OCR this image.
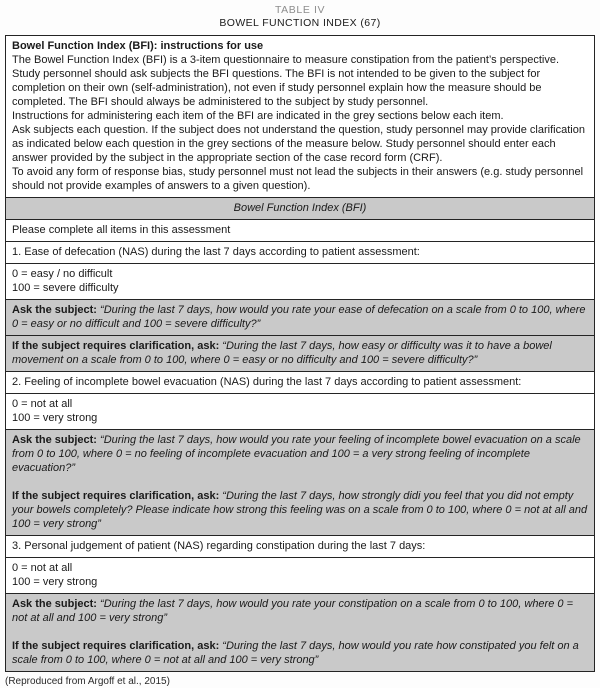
TABLE IV
BOWEL FUNCTION INDEX (67)
Bowel Function Index (BFI): instructions for use

The Bowel Function Index (BFI) is a 3-item questionnaire to measure constipation from the patient’s perspective. Study personnel should ask subjects the BFI questions. The BFI is not intended to be given to the subject for completion on their own (self-administration), not even if study personnel explain how the measure should be completed. The BFI should always be administered to the subject by study personnel.

Instructions for administering each item of the BFI are indicated in the grey sections below each item.

Ask subjects each question. If the subject does not understand the question, study personnel may provide clarification as indicated below each question in the grey sections of the measure below. Study personnel should enter each answer provided by the subject in the appropriate section of the case record form (CRF).

To avoid any form of response bias, study personnel must not lead the subjects in their answers (e.g. study personnel should not provide examples of answers to a given question).

Bowel Function Index (BFI)
Please complete all items in this assessment
1. Ease of defecation (NAS) during the last 7 days according to patient assessment:

0 = easy / no difficult

100 = severe difficulty

Ask the subject: “During the last 7 days, how would you rate your ease of defecation on a scale from 0 to 100, where 0 = easy or no difficult and 100 = severe difficulty?”
If the subject requires clarification, ask: “During the last 7 days, how easy or difficulty was it to have a bowel movement on a scale from 0 to 100, where 0 = easy or no difficulty and 100 = severe difficulty?”
2. Feeling of incomplete bowel evacuation (NAS) during the last 7 days according to patient assessment:

0 = not at all

100 = very strong

Ask the subject: “During the last 7 days, how would you rate your feeling of incomplete bowel evacuation on a scale from 0 to 100, where 0 = no feeling of incomplete evacuation and 100 = a very strong feeling of incomplete evacuation?”

If the subject requires clarification, ask: “During the last 7 days, how strongly didi you feel that you did not empty your bowels completely? Please indicate how strong this feeling was on a scale from 0 to 100, where 0 = not at all and 100 = very strong”

3. Personal judgement of patient (NAS) regarding constipation during the last 7 days:

0 = not at all

100 = very strong

Ask the subject: “During the last 7 days, how would you rate your constipation on a scale from 0 to 100, where 0 = not at all and 100 = very strong”

If the subject requires clarification, ask: “During the last 7 days, how would you rate how constipated you felt on a scale from 0 to 100, where 0 = not at all and 100 = very strong”

(Reproduced from Argoff et al., 2015)
